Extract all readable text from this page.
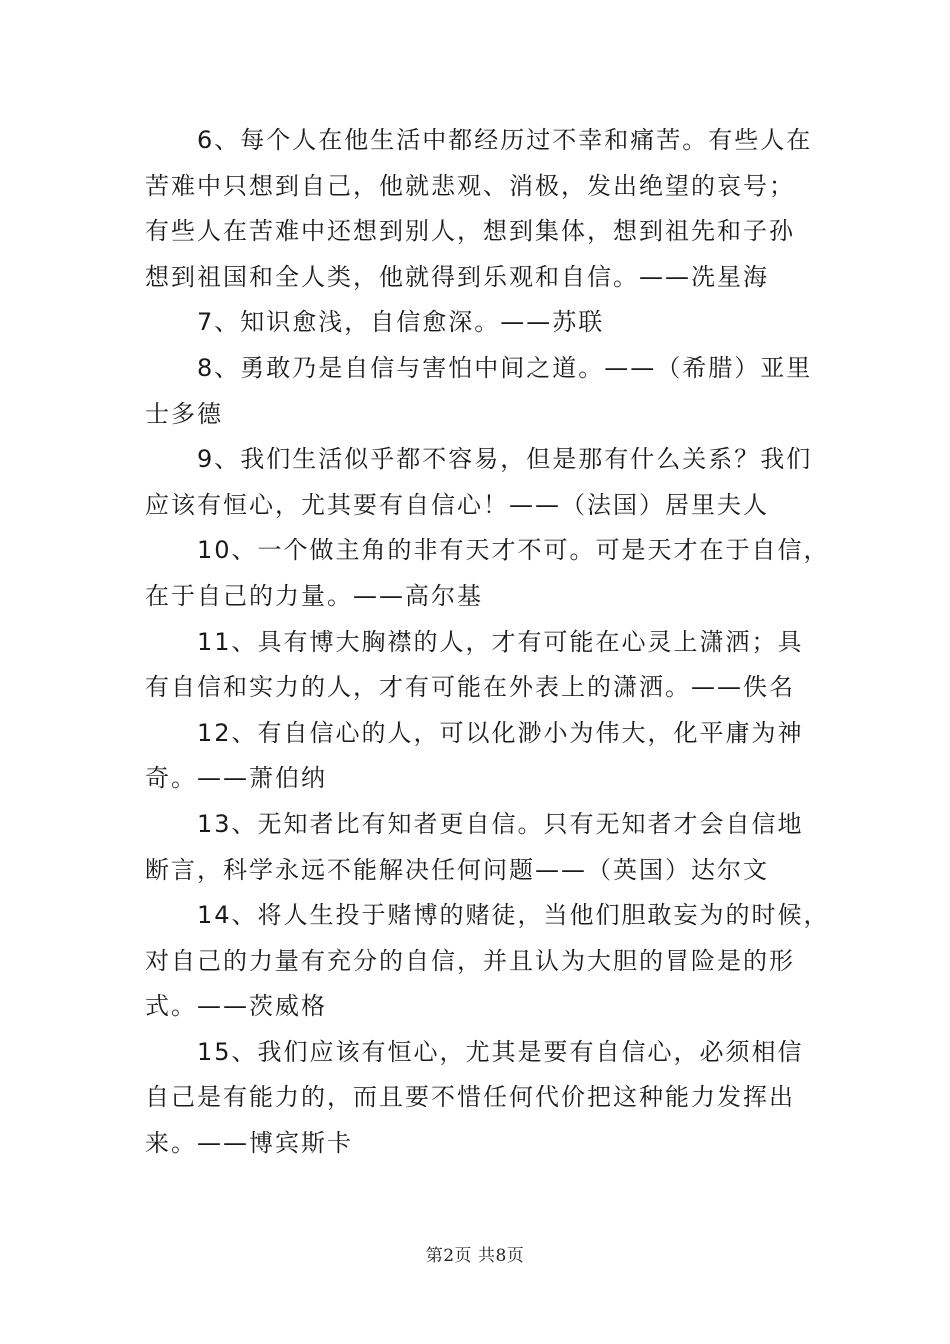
6、每个人在他生活中都经历过不幸和痛苦。有些人在
苦难中只想到自己，他就悲观、消极，发出绝望的哀号；
有些人在苦难中还想到别人，想到集体，想到祖先和子孙
想到祖国和全人类，他就得到乐观和自信。——冼星海

7、知识愈浅，自信愈深。——苏联

8、勇敢乃是自信与害怕中间之道。——（希腊）亚里
士多德

9、我们生活似乎都不容易，但是那有什么关系？我们
应该有恒心，尤其要有自信心！——（法国）居里夫人

10、一个做主角的非有天才不可。可是天才在于自信，
在于自己的力量。——高尔基

11、具有博大胸襟的人，才有可能在心灵上潇洒；具
有自信和实力的人，才有可能在外表上的潇洒。——佚名

12、有自信心的人，可以化渺小为伟大，化平庸为神
奇。——萧伯纳

13、无知者比有知者更自信。只有无知者才会自信地
断言，科学永远不能解决任何问题——（英国）达尔文

14、将人生投于赌博的赌徒，当他们胆敢妄为的时候，
对自己的力量有充分的自信，并且认为大胆的冒险是的形
式。——茨威格

15、我们应该有恒心，尤其是要有自信心，必须相信
自己是有能力的，而且要不惜任何代价把这种能力发挥出
来。——博宾斯卡

第2页 共8页
